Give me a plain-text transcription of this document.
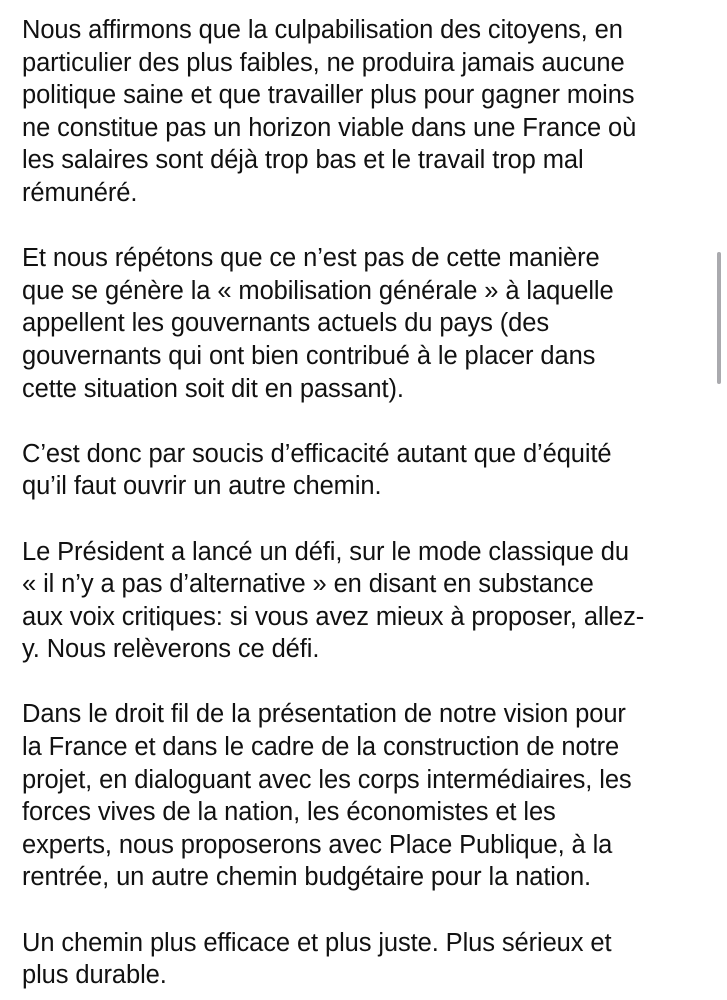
Nous affirmons que la culpabilisation des citoyens, en
particulier des plus faibles, ne produira jamais aucune
politique saine et que travailler plus pour gagner moins
ne constitue pas un horizon viable dans une France où
les salaires sont déjà trop bas et le travail trop mal
rémunéré.
Et nous répétons que ce n’est pas de cette manière
que se génère la « mobilisation générale » à laquelle
appellent les gouvernants actuels du pays (des
gouvernants qui ont bien contribué à le placer dans
cette situation soit dit en passant).
C’est donc par soucis d’efficacité autant que d’équité
qu’il faut ouvrir un autre chemin.
Le Président a lancé un défi, sur le mode classique du
« il n’y a pas d’alternative » en disant en substance
aux voix critiques: si vous avez mieux à proposer, allez-
y. Nous relèverons ce défi.
Dans le droit fil de la présentation de notre vision pour
la France et dans le cadre de la construction de notre
projet, en dialoguant avec les corps intermédiaires, les
forces vives de la nation, les économistes et les
experts, nous proposerons avec Place Publique, à la
rentrée, un autre chemin budgétaire pour la nation.
Un chemin plus efficace et plus juste. Plus sérieux et
plus durable.
